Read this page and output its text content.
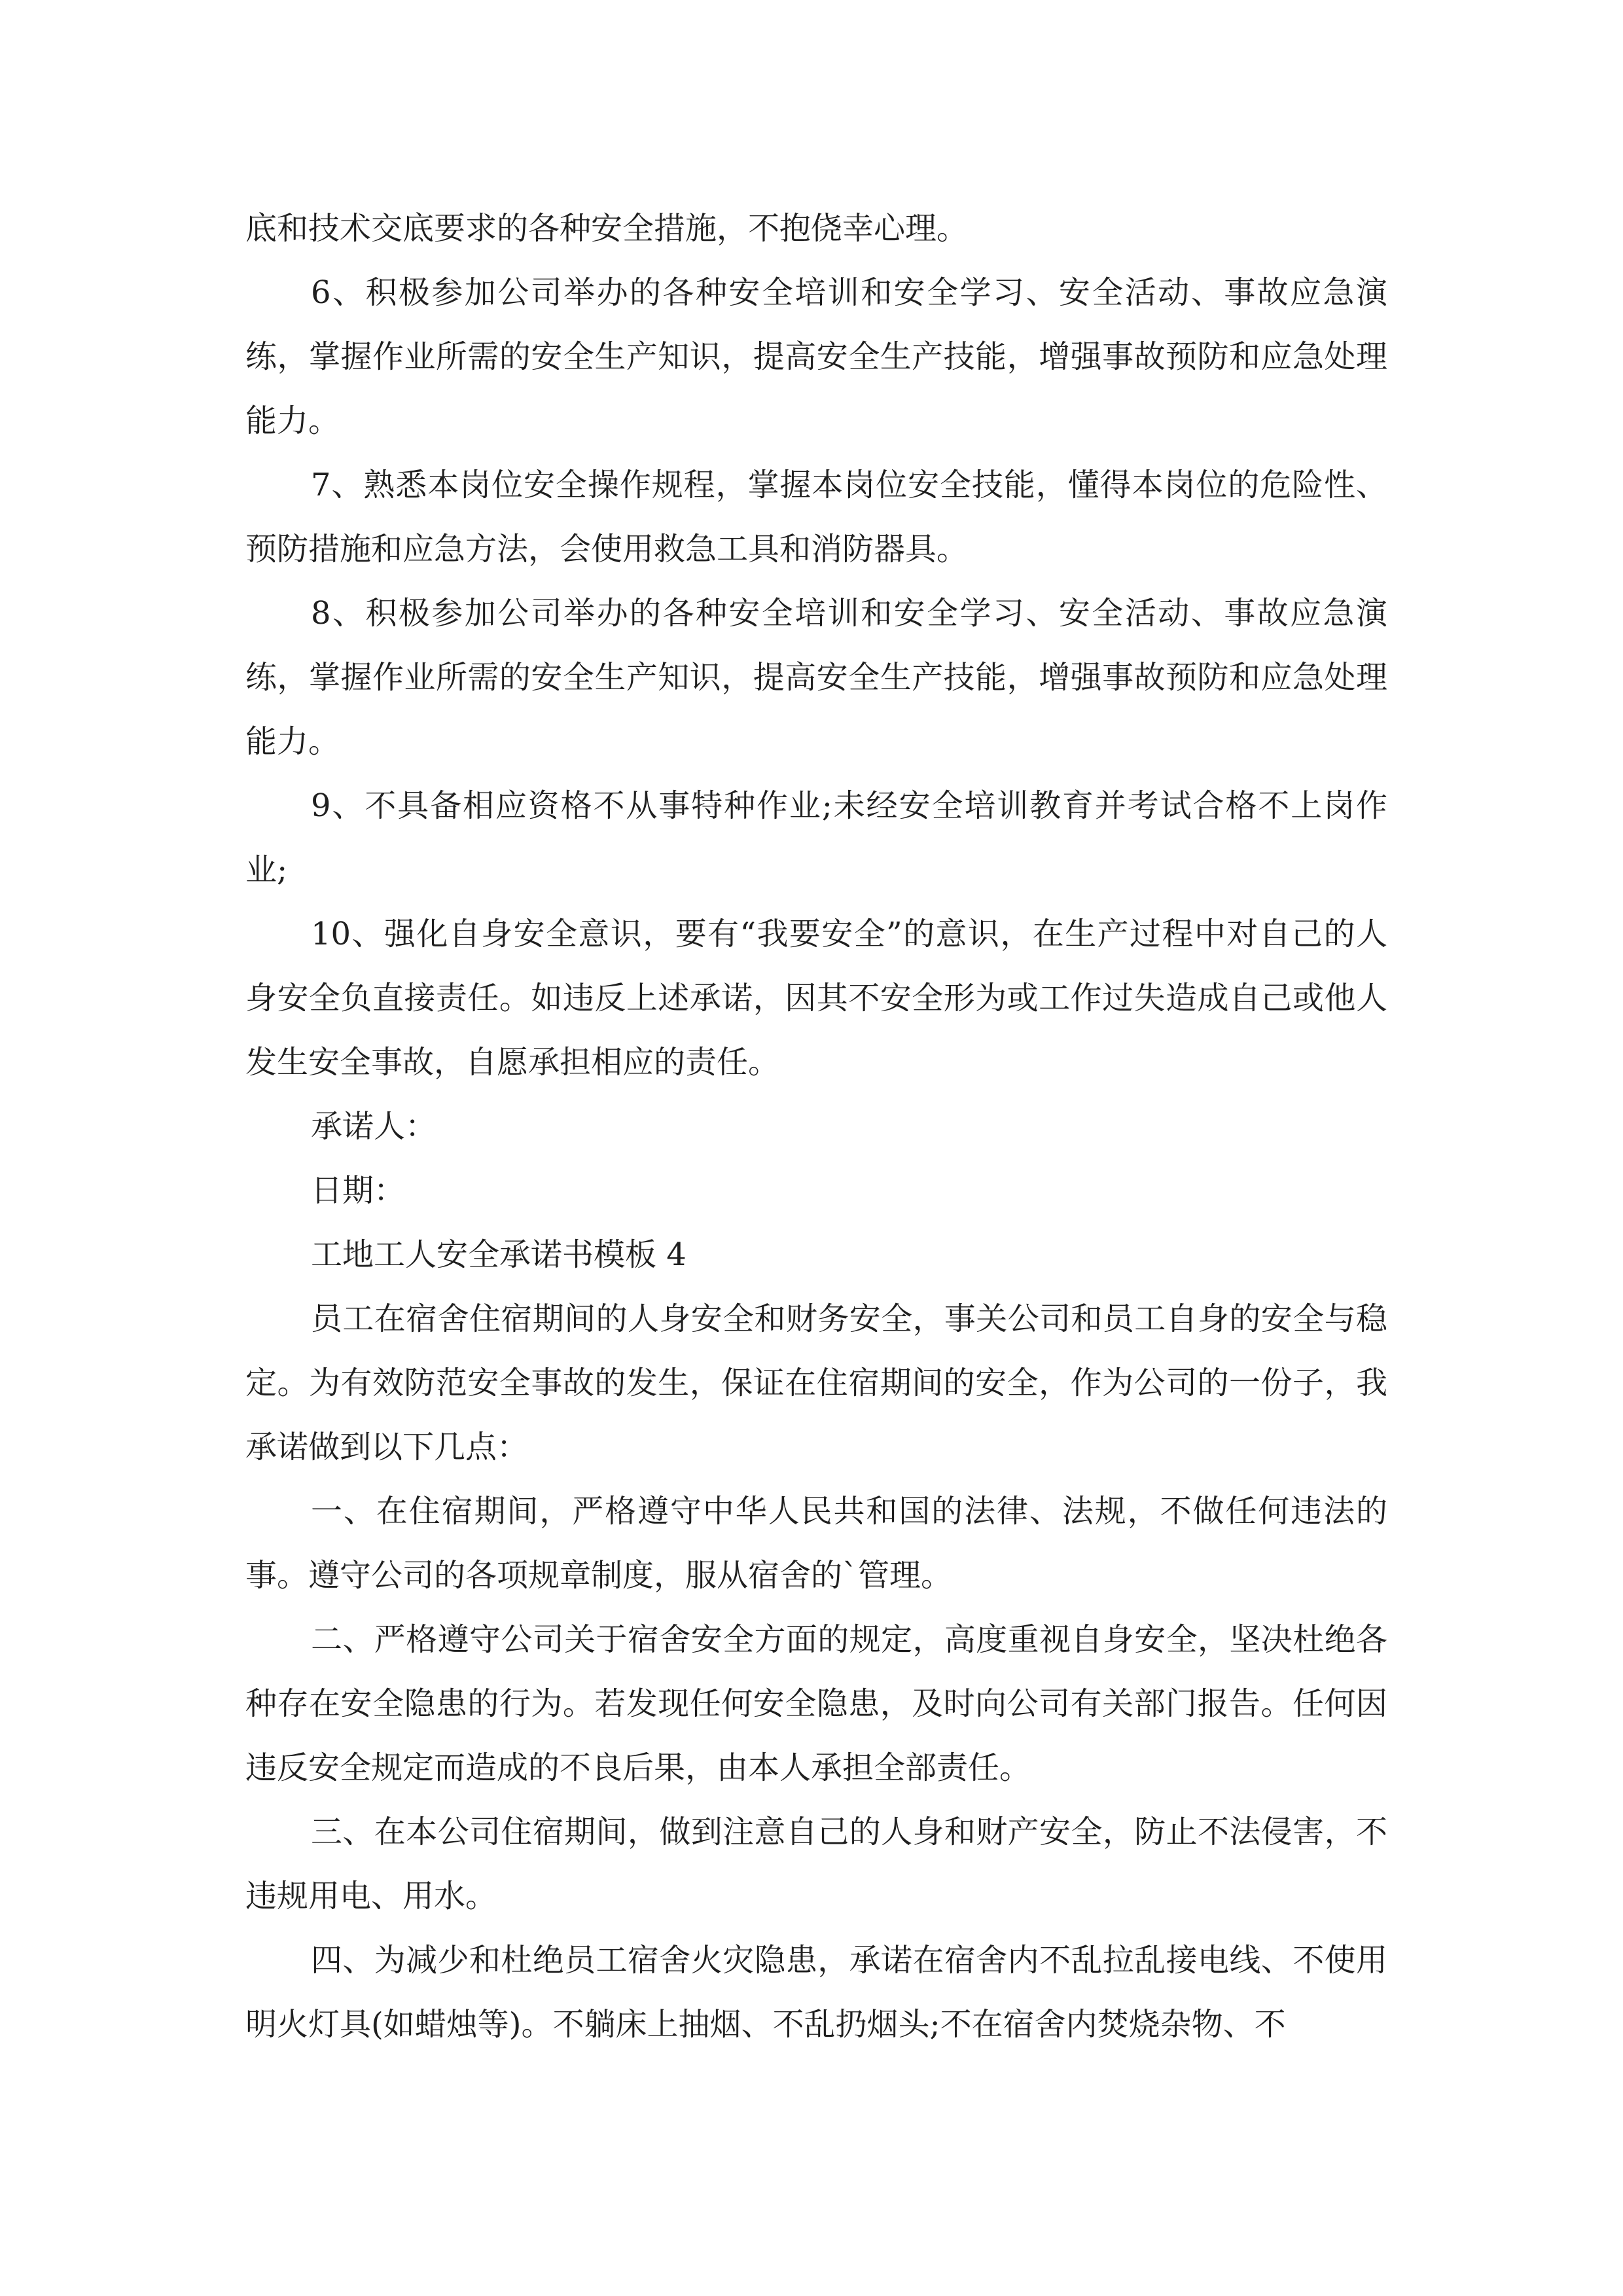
底和技术交底要求的各种安全措施，不抱侥幸心理。

6、积极参加公司举办的各种安全培训和安全学习、安全活动、事故应急演练，掌握作业所需的安全生产知识，提高安全生产技能，增强事故预防和应急处理能力。

7、熟悉本岗位安全操作规程，掌握本岗位安全技能，懂得本岗位的危险性、预防措施和应急方法，会使用救急工具和消防器具。

8、积极参加公司举办的各种安全培训和安全学习、安全活动、事故应急演练，掌握作业所需的安全生产知识，提高安全生产技能，增强事故预防和应急处理能力。

9、不具备相应资格不从事特种作业;未经安全培训教育并考试合格不上岗作业;

10、强化自身安全意识，要有“我要安全”的意识，在生产过程中对自己的人身安全负直接责任。如违反上述承诺，因其不安全形为或工作过失造成自己或他人发生安全事故，自愿承担相应的责任。

承诺人：

日期：

工地工人安全承诺书模板 4

员工在宿舍住宿期间的人身安全和财务安全，事关公司和员工自身的安全与稳定。为有效防范安全事故的发生，保证在住宿期间的安全，作为公司的一份子，我承诺做到以下几点：

一、在住宿期间，严格遵守中华人民共和国的法律、法规，不做任何违法的事。遵守公司的各项规章制度，服从宿舍的`管理。

二、严格遵守公司关于宿舍安全方面的规定，高度重视自身安全，坚决杜绝各种存在安全隐患的行为。若发现任何安全隐患，及时向公司有关部门报告。任何因违反安全规定而造成的不良后果，由本人承担全部责任。

三、在本公司住宿期间，做到注意自己的人身和财产安全，防止不法侵害，不违规用电、用水。

四、为减少和杜绝员工宿舍火灾隐患，承诺在宿舍内不乱拉乱接电线、不使用明火灯具(如蜡烛等)。不躺床上抽烟、不乱扔烟头;不在宿舍内焚烧杂物、不
